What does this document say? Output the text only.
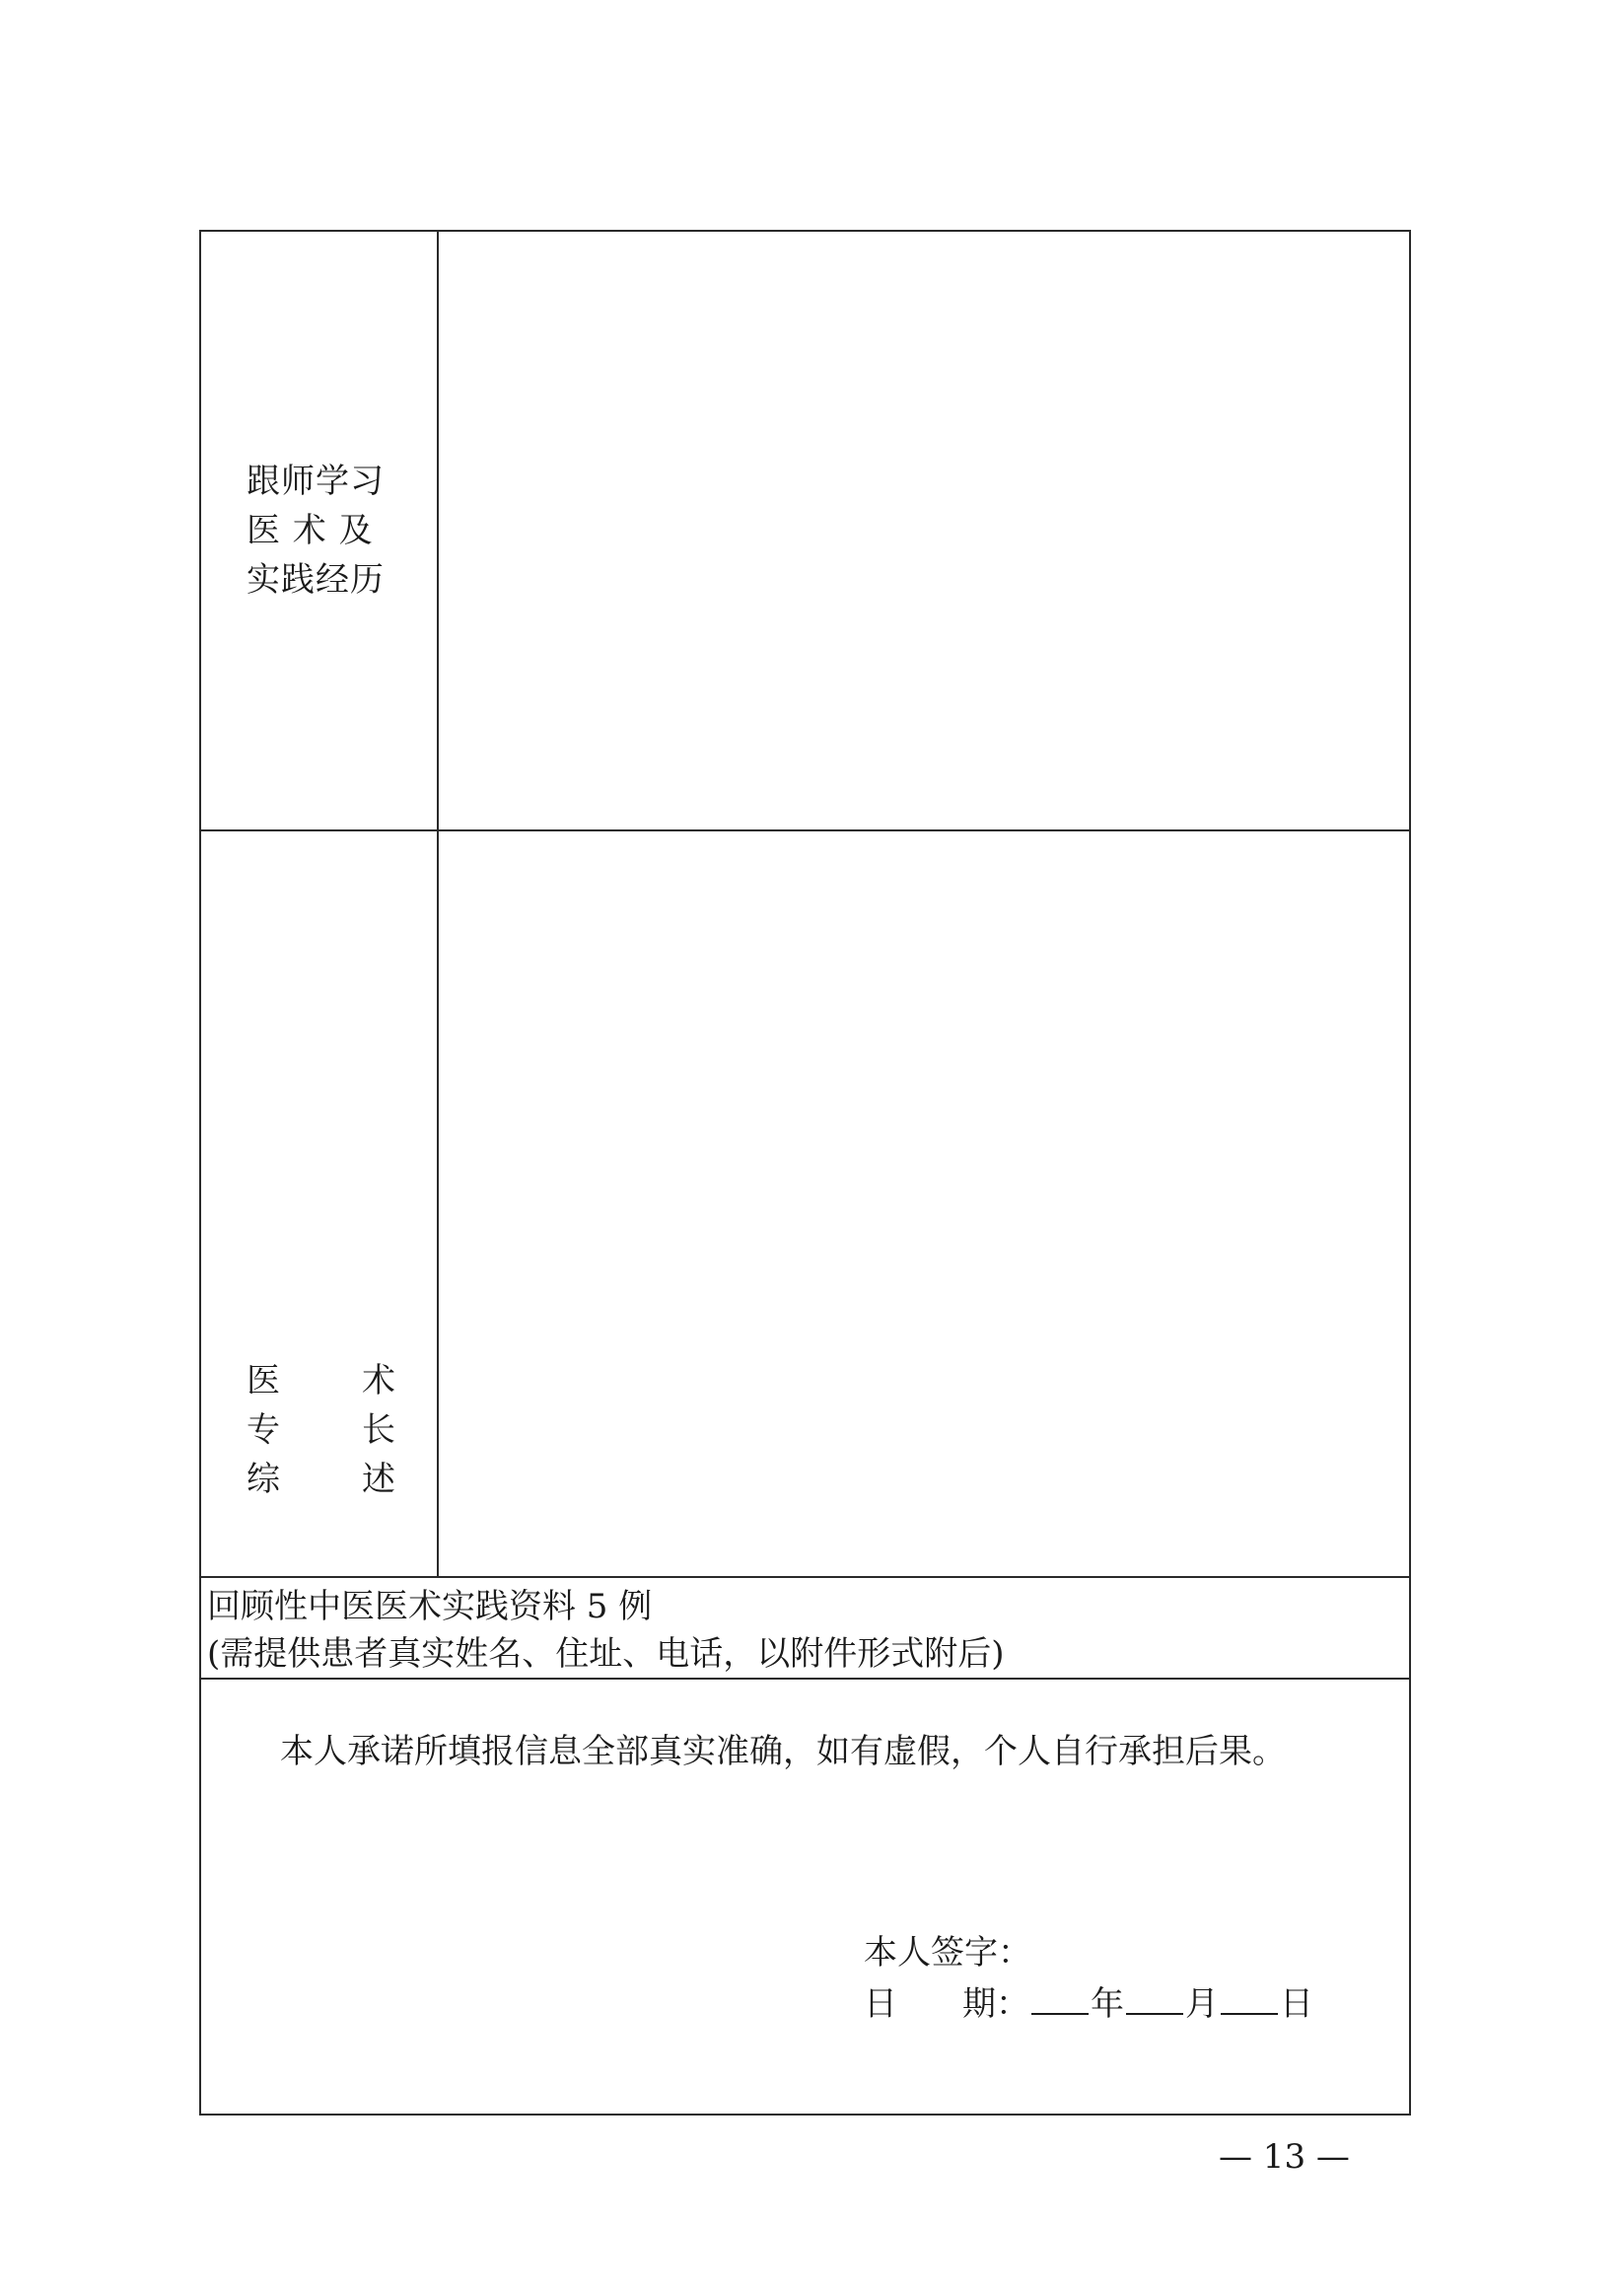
跟师学习
医 术 及
实践经历
医 术
专 长
综 述
回顾性中医医术实践资料 5 例
(需提供患者真实姓名、住址、电话，以附件形式附后)
本人承诺所填报信息全部真实准确，如有虚假，个人自行承担后果。
本人签字：
日 期： 年 月 日
— 13 —
